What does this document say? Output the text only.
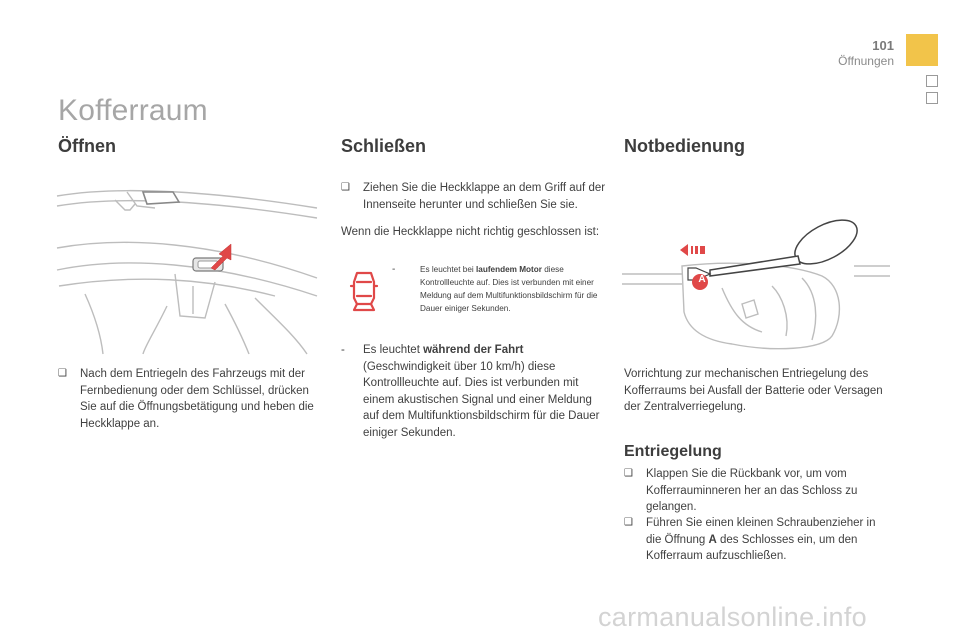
101
Öffnungen
Kofferraum
Öffnen	Schließen	Notbedienung
❑ Nach dem Entriegeln des Fahrzeugs mit der Fernbedienung oder dem Schlüssel, drücken Sie auf die Öffnungsbetätigung und heben die Heckklappe an.
❑ Ziehen Sie die Heckklappe an dem Griff auf der Innenseite herunter und schließen Sie sie.
Wenn die Heckklappe nicht richtig geschlossen ist:
-	Es leuchtet bei laufendem Motor diese Kontrollleuchte auf. Dies ist verbunden mit einer Meldung auf dem Multifunktionsbildschirm für die Dauer einiger Sekunden.
-	Es leuchtet während der Fahrt (Geschwindigkeit über 10 km/h) diese Kontrollleuchte auf. Dies ist verbunden mit einem akustischen Signal und einer Meldung auf dem Multifunktionsbildschirm für die Dauer einiger Sekunden.
A
Vorrichtung zur mechanischen Entriegelung des Kofferraums bei Ausfall der Batterie oder Versagen der Zentralverriegelung.
Entriegelung
❑ Klappen Sie die Rückbank vor, um vom Kofferrauminneren her an das Schloss zu gelangen.
❑ Führen Sie einen kleinen Schraubenzieher in die Öffnung A des Schlosses ein, um den Kofferraum aufzuschließen.
carmanualsonline.info
